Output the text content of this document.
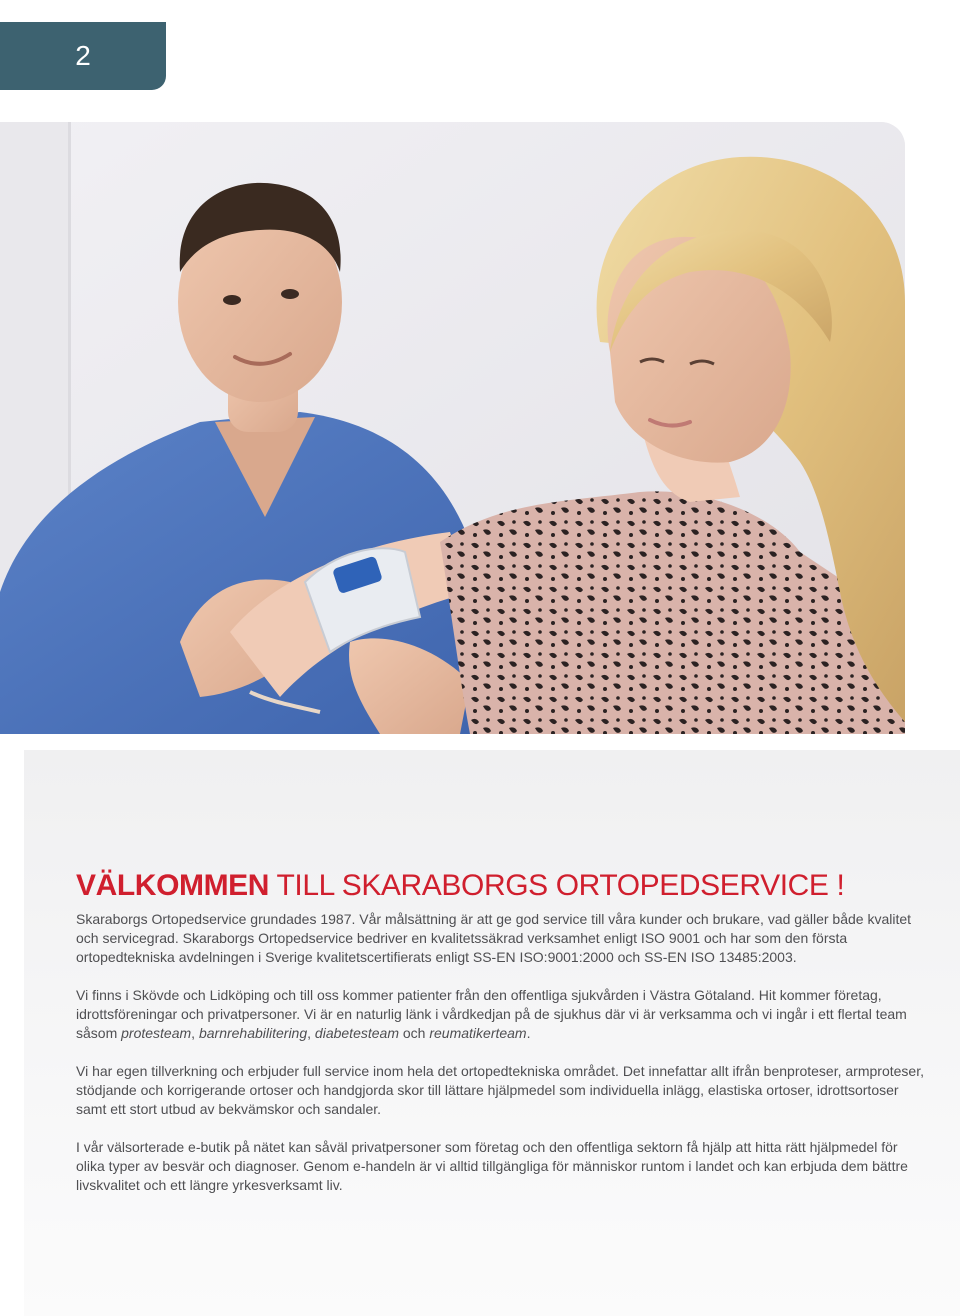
2
VÄLKOMMEN TILL SKARABORGS ORTOPEDSERVICE !

Skaraborgs Ortopedservice grundades 1987. Vår målsättning är att ge god service till våra kunder och brukare, vad gäller både kvalitet och servicegrad. Skaraborgs Ortopedservice bedriver en kvalitetssäkrad verksamhet enligt ISO 9001 och har som den första ortopedtekniska avdelningen i Sverige kvalitetscertifierats enligt SS-EN ISO:9001:2000 och SS-EN ISO 13485:2003.

Vi finns i Skövde och Lidköping och till oss kommer patienter från den offentliga sjukvården i Västra Götaland. Hit kommer företag, idrottsföreningar och privatpersoner. Vi är en naturlig länk i vårdkedjan på de sjukhus där vi är verksamma och vi ingår i ett flertal team såsom protesteam, barnrehabilitering, diabetesteam och reumatikerteam.

Vi har egen tillverkning och erbjuder full service inom hela det ortopedtekniska området. Det innefattar allt ifrån benproteser, armproteser, stödjande och korrigerande ortoser och handgjorda skor till lättare hjälpmedel som individuella inlägg, elastiska ortoser, idrottsortoser samt ett stort utbud av bekvämskor och sandaler.

I vår välsorterade e-butik på nätet kan såväl privatpersoner som företag och den offentliga sektorn få hjälp att hitta rätt hjälpmedel för olika typer av besvär och diagnoser. Genom e-handeln är vi alltid tillgängliga för människor runtom i landet och kan erbjuda dem bättre livskvalitet och ett längre yrkesverksamt liv.
